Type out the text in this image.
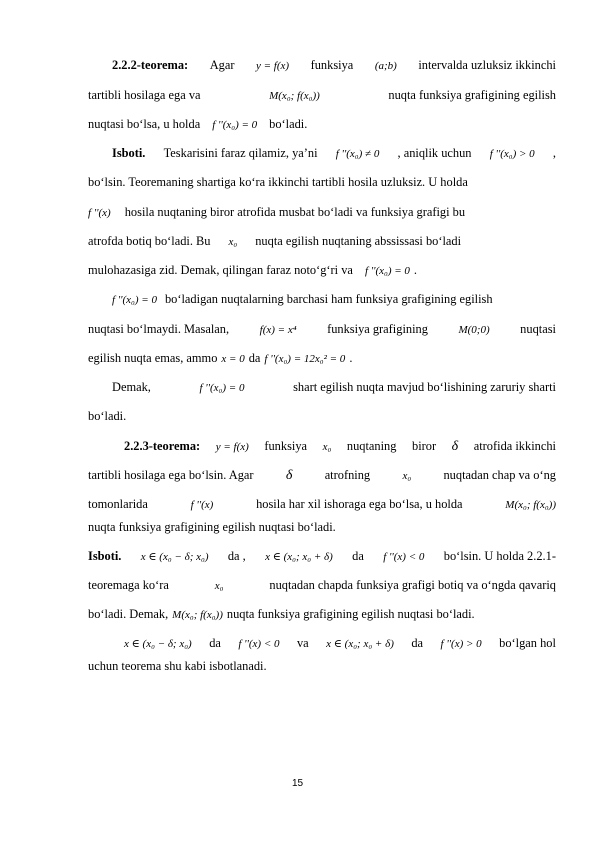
2.2.2-teorema: Agar y = f(x) funksiya (a;b) intervalda uzluksiz ikkinchi
tartibli hosilaga ega va	M(x₀; f(x₀))	nuqta funksiya grafigining egilish
nuqtasi bo‘lsa, u holda f ''(x₀) = 0 bo‘ladi.
Isboti. Teskarisini faraz qilamiz, ya’ni f ''(x₀) ≠ 0 , aniqlik uchun f ''(x₀) > 0 ,
bo‘lsin. Teoremaning shartiga ko‘ra ikkinchi tartibli hosila uzluksiz. U holda
f ''(x) hosila nuqtaning biror atrofida musbat bo‘ladi va funksiya grafigi bu
atrofda botiq bo‘ladi. Bu x₀ nuqta egilish nuqtaning abssissasi bo‘ladi
mulohazasiga zid. Demak, qilingan faraz noto‘g‘ri va f ''(x₀) = 0 .
f ''(x₀) = 0 bo‘ladigan nuqtalarning barchasi ham funksiya grafigining egilish
nuqtasi bo‘lmaydi. Masalan,	f(x) = x⁴ funksiya grafigining	M(0;0) nuqtasi
egilish nuqta emas, ammo x = 0 da f ''(x₀) = 12x₀² = 0 .
Demak,	f ''(x₀) = 0	shart egilish nuqta mavjud bo‘lishining zaruriy sharti
bo‘ladi.
2.2.3-teorema: y = f(x) funksiya x₀ nuqtaning biror δ atrofida ikkinchi
tartibli hosilaga ega bo‘lsin. Agar δ	atrofning	x₀	nuqtadan chap va o‘ng
tomonlarida	f ''(x)	hosila har xil ishoraga ega bo‘lsa, u holda	M(x₀; f(x₀))
nuqta funksiya grafigining egilish nuqtasi bo‘ladi.
Isboti. x ∈ (x₀ − δ; x₀) da , x ∈ (x₀; x₀ + δ) da f ''(x) < 0 bo‘lsin. U holda 2.2.1-
teoremaga ko‘ra	x₀	nuqtadan chapda funksiya grafigi botiq va o‘ngda qavariq
bo‘ladi. Demak, M(x₀; f(x₀)) nuqta funksiya grafigining egilish nuqtasi bo‘ladi.
x ∈ (x₀ − δ; x₀) da f ''(x) < 0 va x ∈ (x₀; x₀ + δ) da f ''(x) > 0 bo‘lgan hol
uchun teorema shu kabi isbotlanadi.
15
